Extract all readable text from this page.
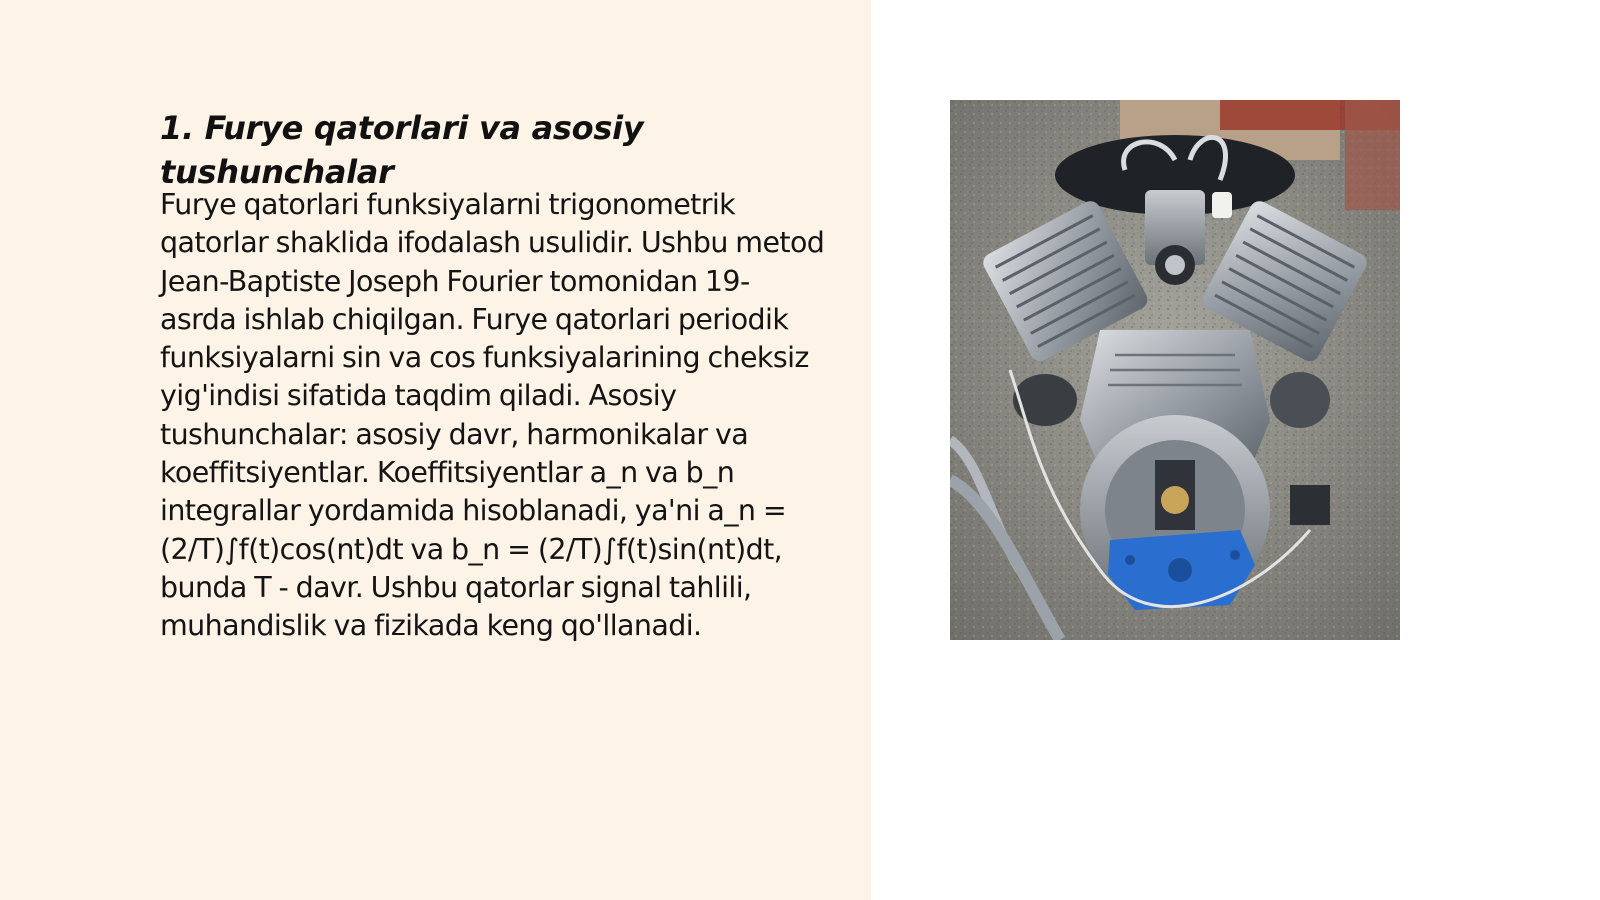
1. Furye qatorlari va asosiy tushunchalar

Furye qatorlari funksiyalarni trigonometrik qatorlar shaklida ifodalash usulidir. Ushbu metod Jean-Baptiste Joseph Fourier tomonidan 19-asrda ishlab chiqilgan. Furye qatorlari periodik funksiyalarni sin va cos funksiyalarining cheksiz yig'indisi sifatida taqdim qiladi. Asosiy tushunchalar: asosiy davr, harmonikalar va koeffitsiyentlar. Koeffitsiyentlar a_n va b_n integrallar yordamida hisoblanadi, ya'ni a_n = (2/T)∫f(t)cos(nt)dt va b_n = (2/T)∫f(t)sin(nt)dt, bunda T - davr. Ushbu qatorlar signal tahlili, muhandislik va fizikada keng qo'llanadi.
